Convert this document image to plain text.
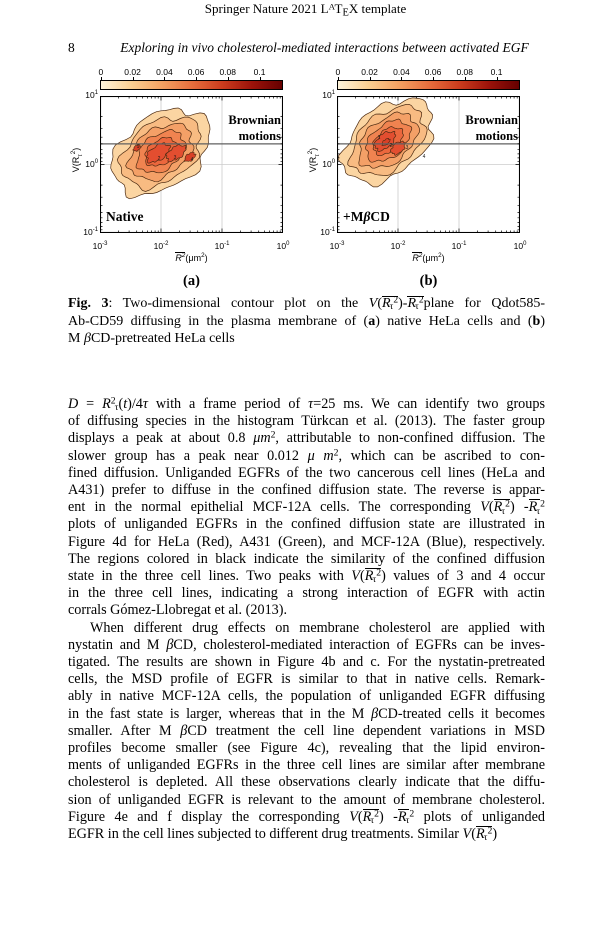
Springer Nature 2021 $L^AT_EX$ template
8	Exploring in vivo cholesterol-mediated interactions between activated EGF
0 0.02 0.04 0.06 0.08 0.1
$10^1$
$10^0$
$10^{-1}$
$V(R_\tau^2)$	1
2	3	4
Brownian
motions
Native
$10^{-3}$	$10^{-2}$	$10^{-1}$	$10^0$
$R^2(\mu m^2)$
(a)
0 0.02 0.04 0.06 0.08 0.1
$10^1$
$10^0$
$10^{-1}$
$V(R_\tau^2)$
1
2	3
4
Brownian
motions
+MβCD
$10^{-3}$	$10^{-2}$	$10^{-1}$	$10^0$
$R^2(\mu m^2)$
(b)
Fig. 3: Two-dimensional contour plot on the $V(R_\tau^2)-R_\tau^2plane$ for Qdot585-
Ab-CD59 diffusing in the plasma membrane of (a) native HeLa cells and (b)
M βCD-pretreated HeLa cells
$D = R^2_\tau(t)/4\tau$ with a frame period of τ=25 ms. We can identify two groups
of diffusing species in the histogram Türkcan et al. (2013). The faster group
displays a peak at about 0.8 $\mu m^2$, attributable to non-confined diffusion. The
slower group has a peak near 0.012 μ $m^2$, which can be ascribed to con-
fined diffusion. Unliganded EGFRs of the two cancerous cell lines (HeLa and
A431) prefer to diffuse in the confined diffusion state. The reverse is appar-
ent in the normal epithelial MCF-12A cells. The corresponding $V(R_\tau^2)$ $-R_\tau^2$
plots of unliganded EGFRs in the confined diffusion state are illustrated in
Figure 4d for HeLa (Red), A431 (Green), and MCF-12A (Blue), respectively.
The regions colored in black indicate the similarity of the confined diffusion
state in the three cell lines. Two peaks with $V(R_\tau^2)$ values of 3 and 4 occur
in the three cell lines, indicating a strong interaction of EGFR with actin
corrals Gómez-Llobregat et al. (2013).
When different drug effects on membrane cholesterol are applied with
nystatin and M βCD, cholesterol-mediated interaction of EGFRs can be inves-
tigated. The results are shown in Figure 4b and c. For the nystatin-pretreated
cells, the MSD profile of EGFR is similar to that in native cells. Remark-
ably in native MCF-12A cells, the population of unliganded EGFR diffusing
in the fast state is larger, whereas that in the M βCD-treated cells it becomes
smaller. After M βCD treatment the cell line dependent variations in MSD
profiles become smaller (see Figure 4c), revealing that the lipid environ-
ments of unliganded EGFRs in the three cell lines are similar after membrane
cholesterol is depleted. All these observations clearly indicate that the diffu-
sion of unliganded EGFR is relevant to the amount of membrane cholesterol.
Figure 4e and f display the corresponding $V(R_\tau^2)$ $-R_\tau^2$ plots of unliganded
EGFR in the cell lines subjected to different drug treatments. Similar $V(R_\tau^2)$
